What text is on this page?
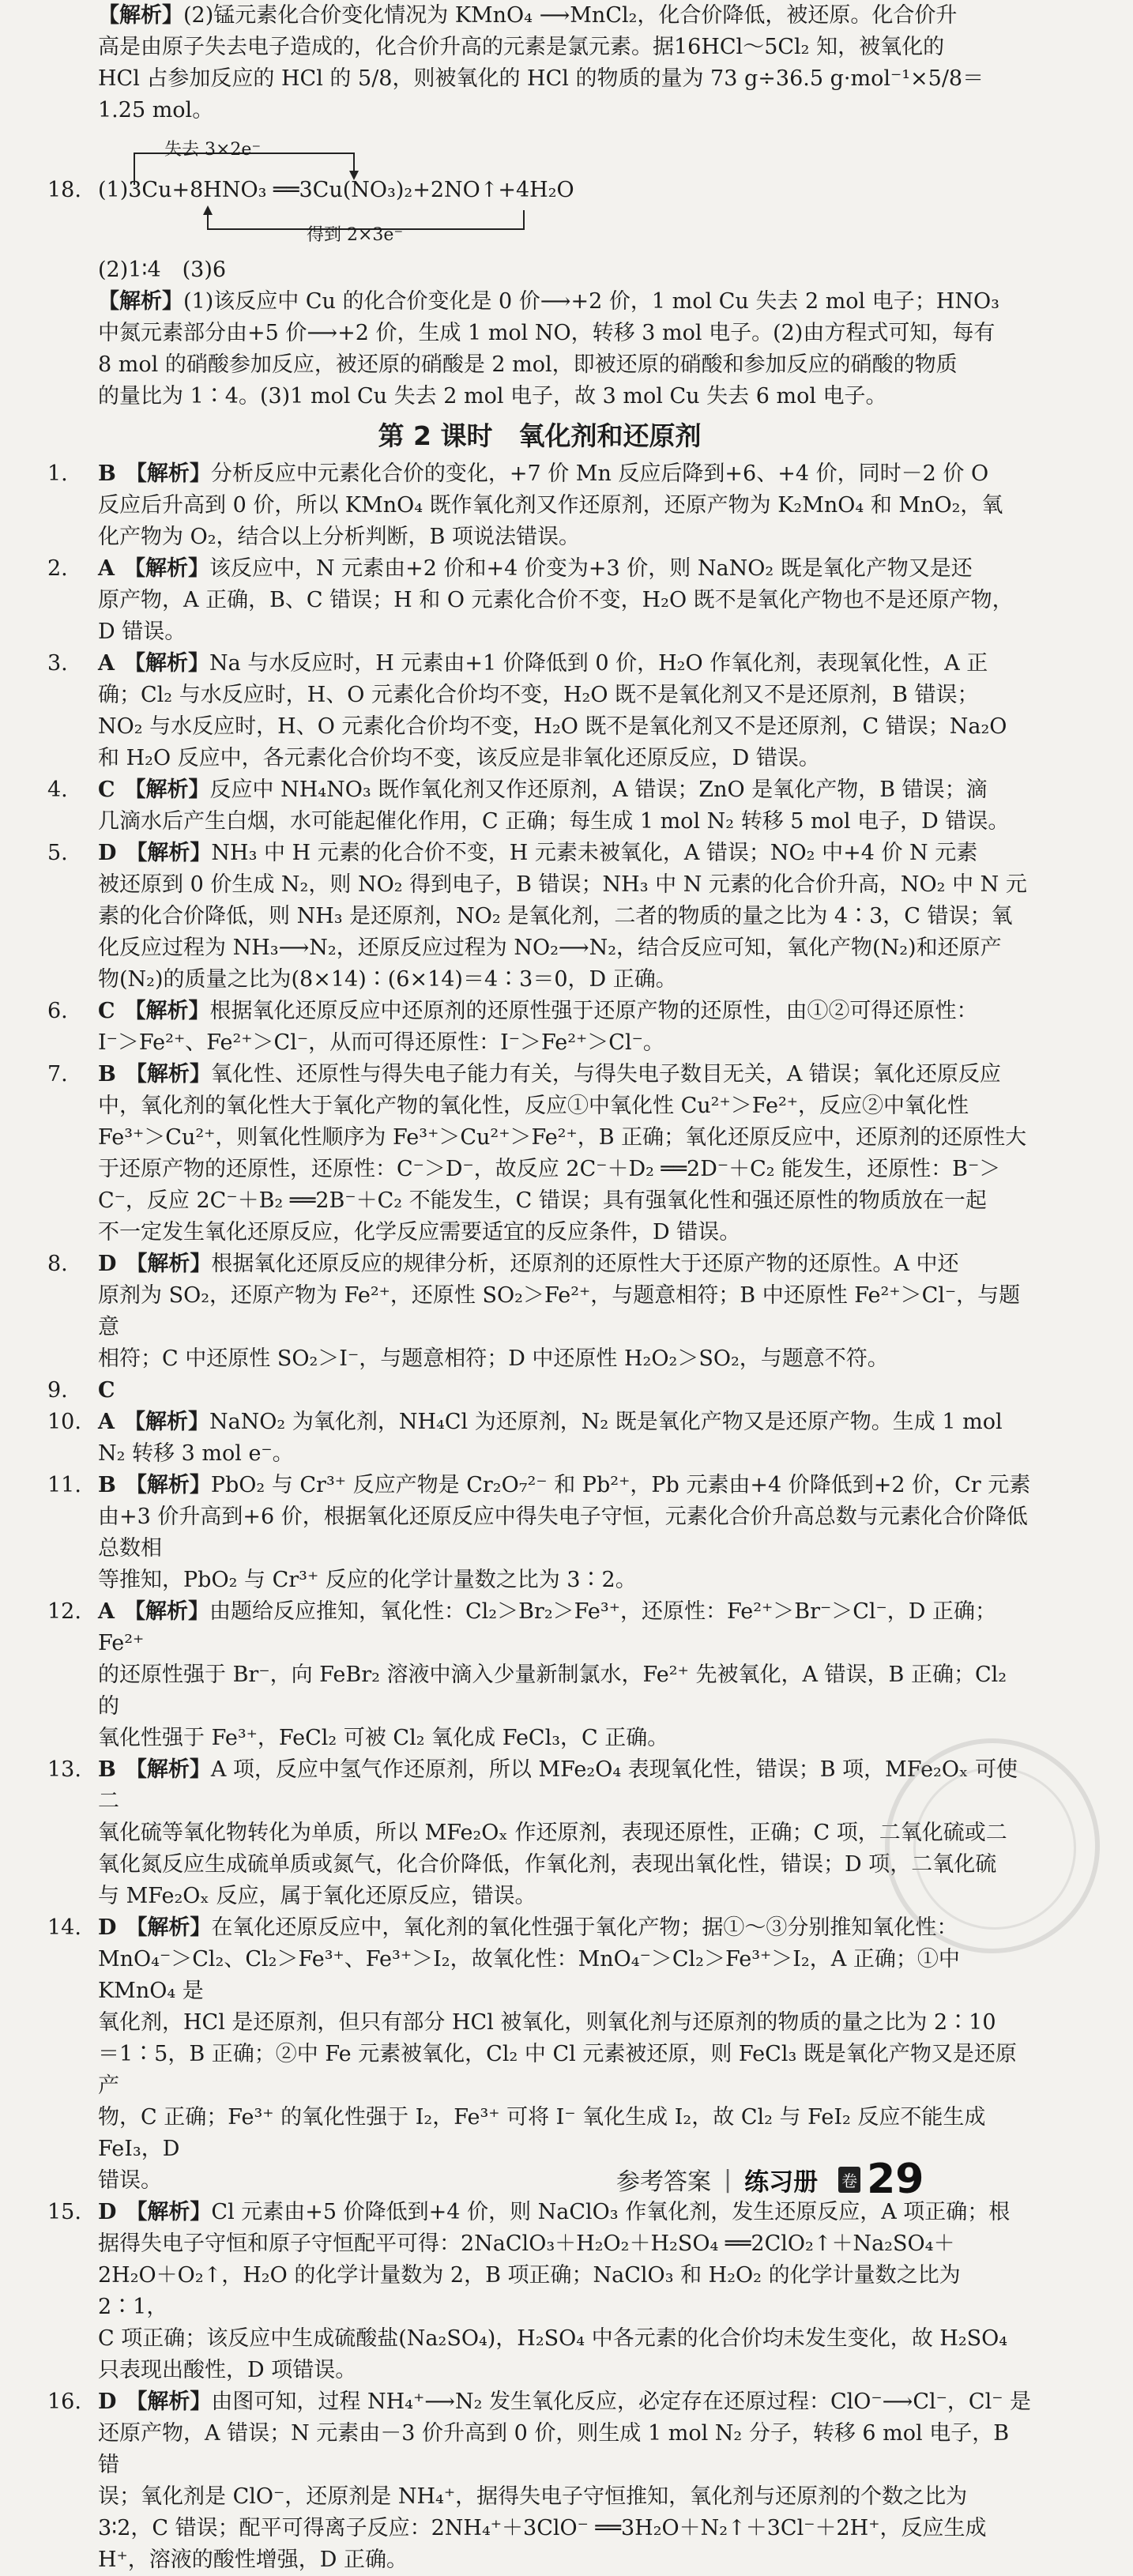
【解析】(2)锰元素化合价变化情况为 KMnO₄ ⟶MnCl₂，化合价降低，被还原。化合价升

高是由原子失去电子造成的，化合价升高的元素是氯元素。据16HCl～5Cl₂ 知，被氧化的

HCl 占参加反应的 HCl 的 5/8，则被氧化的 HCl 的物质的量为 73 g÷36.5 g·mol⁻¹×5/8＝

1.25 mol。

18.
失去 3×2e⁻
(1)3Cu+8HNO₃ ══3Cu(NO₃)₂+2NO↑+4H₂O
得到 2×3e⁻

(2)1∶4　(3)6

【解析】(1)该反应中 Cu 的化合价变化是 0 价⟶+2 价，1 mol Cu 失去 2 mol 电子；HNO₃

中氮元素部分由+5 价⟶+2 价，生成 1 mol NO，转移 3 mol 电子。(2)由方程式可知，每有

8 mol 的硝酸参加反应，被还原的硝酸是 2 mol，即被还原的硝酸和参加反应的硝酸的物质

的量比为 1∶4。(3)1 mol Cu 失去 2 mol 电子，故 3 mol Cu 失去 6 mol 电子。

第 2 课时　氧化剂和还原剂
1.	B 【解析】分析反应中元素化合价的变化，+7 价 Mn 反应后降到+6、+4 价，同时－2 价 O

反应后升高到 0 价，所以 KMnO₄ 既作氧化剂又作还原剂，还原产物为 K₂MnO₄ 和 MnO₂，氧

化产物为 O₂，结合以上分析判断，B 项说法错误。

2.	A 【解析】该反应中，N 元素由+2 价和+4 价变为+3 价，则 NaNO₂ 既是氧化产物又是还

原产物，A 正确，B、C 错误；H 和 O 元素化合价不变，H₂O 既不是氧化产物也不是还原产物，

D 错误。

3.	A 【解析】Na 与水反应时，H 元素由+1 价降低到 0 价，H₂O 作氧化剂，表现氧化性，A 正

确；Cl₂ 与水反应时，H、O 元素化合价均不变，H₂O 既不是氧化剂又不是还原剂，B 错误；

NO₂ 与水反应时，H、O 元素化合价均不变，H₂O 既不是氧化剂又不是还原剂，C 错误；Na₂O

和 H₂O 反应中，各元素化合价均不变，该反应是非氧化还原反应，D 错误。

4.	C 【解析】反应中 NH₄NO₃ 既作氧化剂又作还原剂，A 错误；ZnO 是氧化产物，B 错误；滴

几滴水后产生白烟，水可能起催化作用，C 正确；每生成 1 mol N₂ 转移 5 mol 电子，D 错误。

5.	D 【解析】NH₃ 中 H 元素的化合价不变，H 元素未被氧化，A 错误；NO₂ 中+4 价 N 元素

被还原到 0 价生成 N₂，则 NO₂ 得到电子，B 错误；NH₃ 中 N 元素的化合价升高，NO₂ 中 N 元

素的化合价降低，则 NH₃ 是还原剂，NO₂ 是氧化剂，二者的物质的量之比为 4∶3，C 错误；氧

化反应过程为 NH₃⟶N₂，还原反应过程为 NO₂⟶N₂，结合反应可知，氧化产物(N₂)和还原产

物(N₂)的质量之比为(8×14)∶(6×14)＝4∶3＝0，D 正确。

6.	C 【解析】根据氧化还原反应中还原剂的还原性强于还原产物的还原性，由①②可得还原性：

I⁻＞Fe²⁺、Fe²⁺＞Cl⁻，从而可得还原性：I⁻＞Fe²⁺＞Cl⁻。

7.	B 【解析】氧化性、还原性与得失电子能力有关，与得失电子数目无关，A 错误；氧化还原反应

中，氧化剂的氧化性大于氧化产物的氧化性，反应①中氧化性 Cu²⁺＞Fe²⁺，反应②中氧化性

Fe³⁺＞Cu²⁺，则氧化性顺序为 Fe³⁺＞Cu²⁺＞Fe²⁺，B 正确；氧化还原反应中，还原剂的还原性大

于还原产物的还原性，还原性：C⁻＞D⁻，故反应 2C⁻＋D₂ ══2D⁻＋C₂ 能发生，还原性：B⁻＞

C⁻，反应 2C⁻＋B₂ ══2B⁻＋C₂ 不能发生，C 错误；具有强氧化性和强还原性的物质放在一起

不一定发生氧化还原反应，化学反应需要适宜的反应条件，D 错误。

8.	D 【解析】根据氧化还原反应的规律分析，还原剂的还原性大于还原产物的还原性。A 中还

原剂为 SO₂，还原产物为 Fe²⁺，还原性 SO₂＞Fe²⁺，与题意相符；B 中还原性 Fe²⁺＞Cl⁻，与题意

相符；C 中还原性 SO₂＞I⁻，与题意相符；D 中还原性 H₂O₂＞SO₂，与题意不符。

9.	C

10. A 【解析】NaNO₂ 为氧化剂，NH₄Cl 为还原剂，N₂ 既是氧化产物又是还原产物。生成 1 mol

N₂ 转移 3 mol e⁻。

11. B 【解析】PbO₂ 与 Cr³⁺ 反应产物是 Cr₂O₇²⁻ 和 Pb²⁺，Pb 元素由+4 价降低到+2 价，Cr 元素

由+3 价升高到+6 价，根据氧化还原反应中得失电子守恒，元素化合价升高总数与元素化合价降低总数相

等推知，PbO₂ 与 Cr³⁺ 反应的化学计量数之比为 3∶2。

12. A 【解析】由题给反应推知，氧化性：Cl₂＞Br₂＞Fe³⁺，还原性：Fe²⁺＞Br⁻＞Cl⁻，D 正确；Fe²⁺

的还原性强于 Br⁻，向 FeBr₂ 溶液中滴入少量新制氯水，Fe²⁺ 先被氧化，A 错误，B 正确；Cl₂ 的

氧化性强于 Fe³⁺，FeCl₂ 可被 Cl₂ 氧化成 FeCl₃，C 正确。

13. B 【解析】A 项，反应中氢气作还原剂，所以 MFe₂O₄ 表现氧化性，错误；B 项，MFe₂Oₓ 可使二

氧化硫等氧化物转化为单质，所以 MFe₂Oₓ 作还原剂，表现还原性，正确；C 项，二氧化硫或二

氧化氮反应生成硫单质或氮气，化合价降低，作氧化剂，表现出氧化性，错误；D 项，二氧化硫

与 MFe₂Oₓ 反应，属于氧化还原反应，错误。

14. D 【解析】在氧化还原反应中，氧化剂的氧化性强于氧化产物；据①～③分别推知氧化性：

MnO₄⁻＞Cl₂、Cl₂＞Fe³⁺、Fe³⁺＞I₂，故氧化性：MnO₄⁻＞Cl₂＞Fe³⁺＞I₂，A 正确；①中 KMnO₄ 是

氧化剂，HCl 是还原剂，但只有部分 HCl 被氧化，则氧化剂与还原剂的物质的量之比为 2∶10

＝1∶5，B 正确；②中 Fe 元素被氧化，Cl₂ 中 Cl 元素被还原，则 FeCl₃ 既是氧化产物又是还原产

物，C 正确；Fe³⁺ 的氧化性强于 I₂，Fe³⁺ 可将 I⁻ 氧化生成 I₂，故 Cl₂ 与 FeI₂ 反应不能生成 FeI₃，D

错误。

15. D 【解析】Cl 元素由+5 价降低到+4 价，则 NaClO₃ 作氧化剂，发生还原反应，A 项正确；根

据得失电子守恒和原子守恒配平可得：2NaClO₃＋H₂O₂＋H₂SO₄ ══2ClO₂↑＋Na₂SO₄＋

2H₂O＋O₂↑，H₂O 的化学计量数为 2，B 项正确；NaClO₃ 和 H₂O₂ 的化学计量数之比为 2∶1，

C 项正确；该反应中生成硫酸盐(Na₂SO₄)，H₂SO₄ 中各元素的化合价均未发生变化，故 H₂SO₄

只表现出酸性，D 项错误。

16. D 【解析】由图可知，过程 NH₄⁺⟶N₂ 发生氧化反应，必定存在还原过程：ClO⁻⟶Cl⁻，Cl⁻ 是

还原产物，A 错误；N 元素由－3 价升高到 0 价，则生成 1 mol N₂ 分子，转移 6 mol 电子，B 错

误；氧化剂是 ClO⁻，还原剂是 NH₄⁺，据得失电子守恒推知，氧化剂与还原剂的个数之比为

3∶2，C 错误；配平可得离子反应：2NH₄⁺＋3ClO⁻ ══3H₂O＋N₂↑＋3Cl⁻＋2H⁺，反应生成

H⁺，溶液的酸性增强，D 正确。

参考答案 | 练习册 卷 29
